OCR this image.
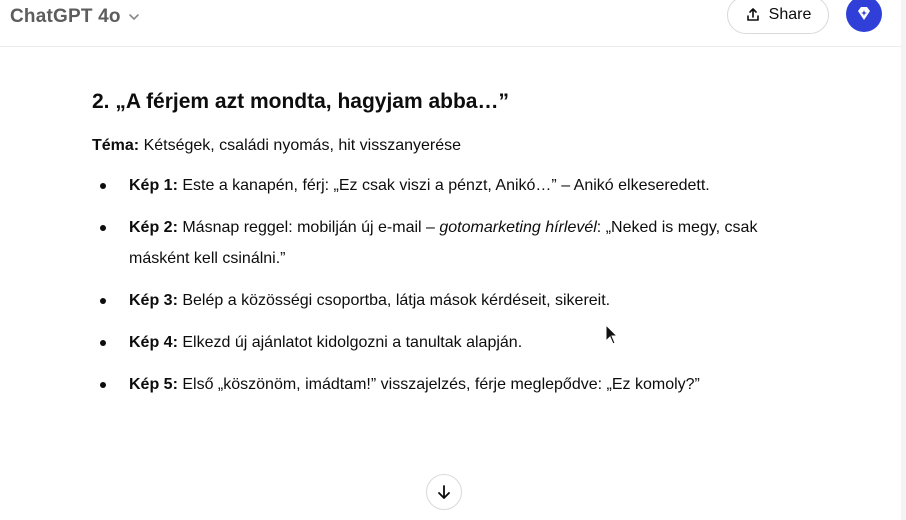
ChatGPT 4o	Share
2. „A férjem azt mondta, hagyjam abba…”
Téma: Kétségek, családi nyomás, hit visszanyerése
Kép 1: Este a kanapén, férj: „Ez csak viszi a pénzt, Anikó…” – Anikó elkeseredett.
Kép 2: Másnap reggel: mobilján új e-mail – gotomarketing hírlevél: „Neked is megy, csak másként kell csinálni.”
Kép 3: Belép a közösségi csoportba, látja mások kérdéseit, sikereit.
Kép 4: Elkezd új ajánlatot kidolgozni a tanultak alapján.
Kép 5: Első „köszönöm, imádtam!” visszajelzés, férje meglepődve: „Ez komoly?”
